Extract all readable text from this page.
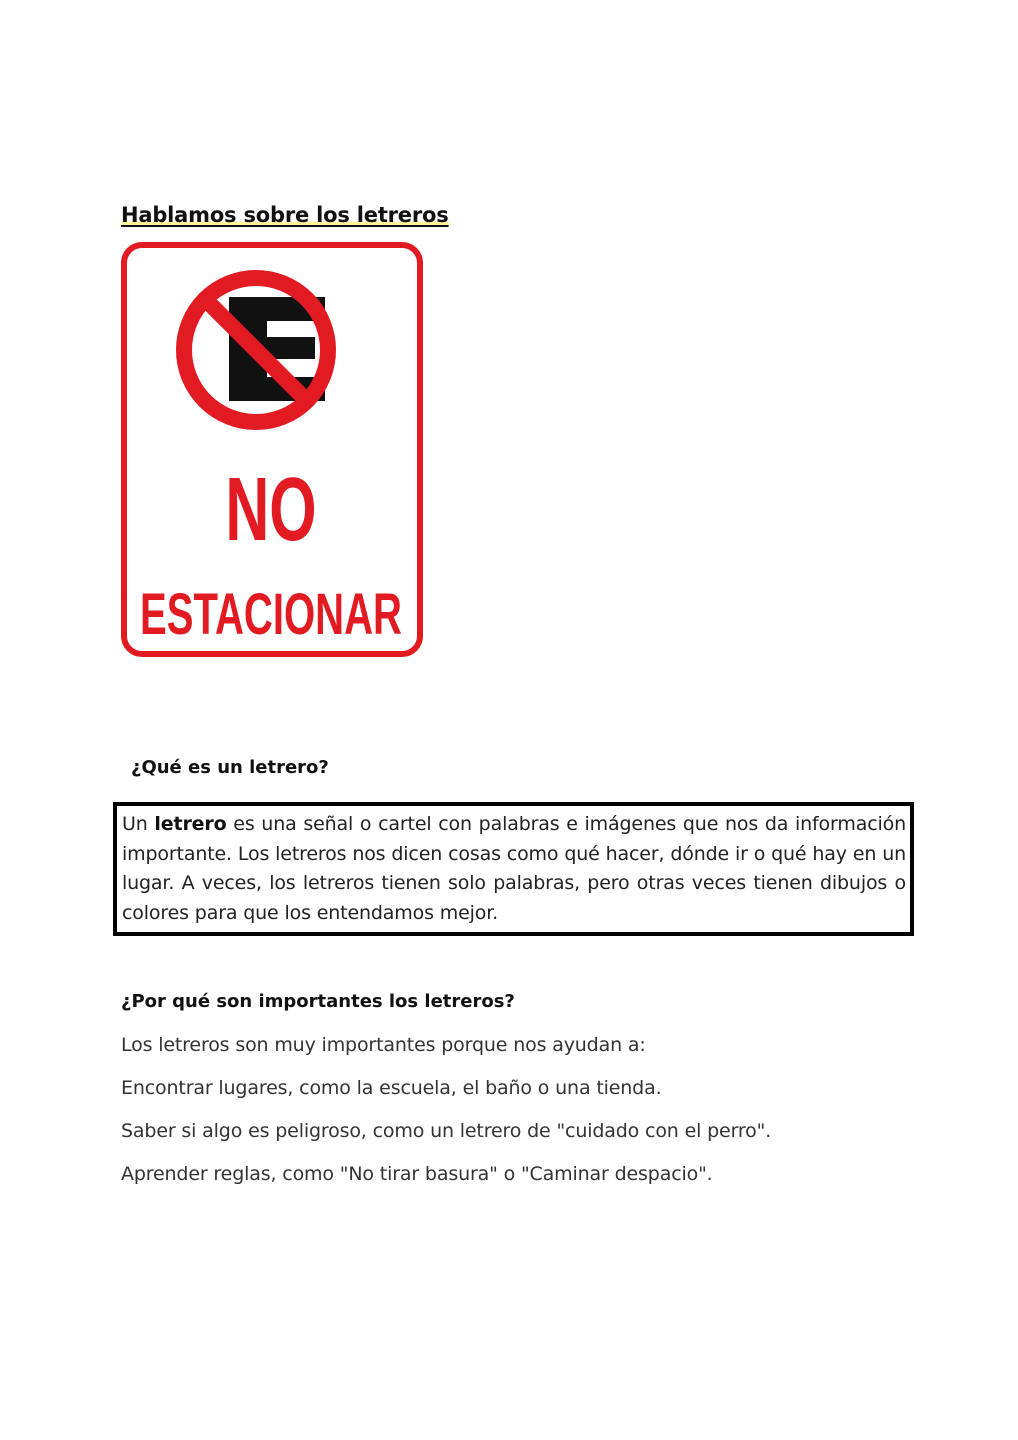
Hablamos sobre los letreros
NO
ESTACIONAR
¿Qué es un letrero?
Un letrero es una señal o cartel con palabras e imágenes que nos da información importante. Los letreros nos dicen cosas como qué hacer, dónde ir o qué hay en un lugar. A veces, los letreros tienen solo palabras, pero otras veces tienen dibujos o colores para que los entendamos mejor.
¿Por qué son importantes los letreros?

Los letreros son muy importantes porque nos ayudan a:

Encontrar lugares, como la escuela, el baño o una tienda.

Saber si algo es peligroso, como un letrero de "cuidado con el perro".

Aprender reglas, como "No tirar basura" o "Caminar despacio".
